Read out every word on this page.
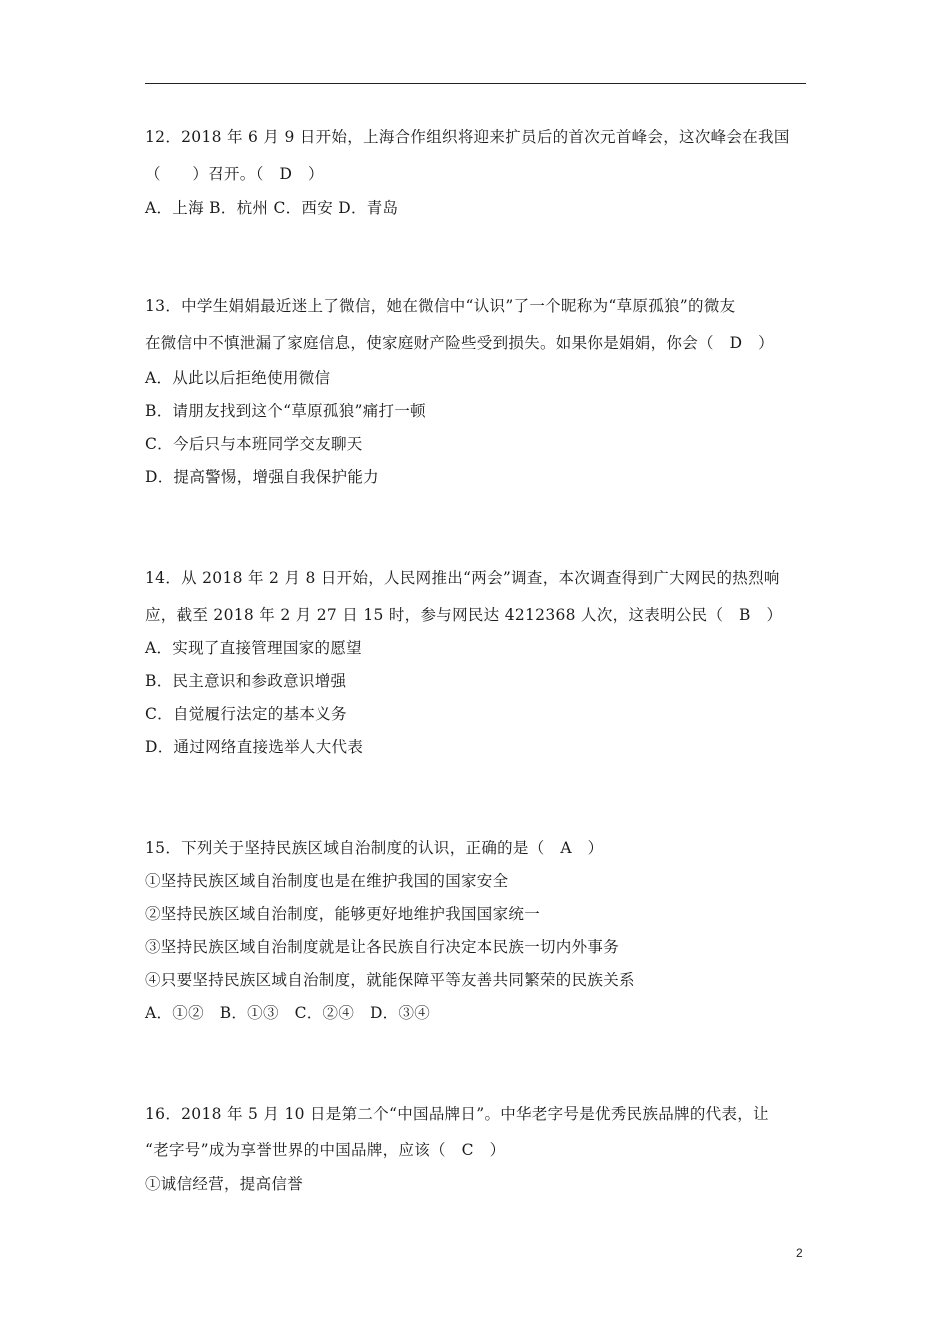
12．2018 年 6 月 9 日开始，上海合作组织将迎来扩员后的首次元首峰会，这次峰会在我国
（　　）召开。（　D　）
A．上海 B．杭州 C．西安 D．青岛
13．中学生娟娟最近迷上了微信，她在微信中“认识”了一个昵称为“草原孤狼”的微友
在微信中不慎泄漏了家庭信息，使家庭财产险些受到损失。如果你是娟娟，你会（　D　）
A．从此以后拒绝使用微信
B．请朋友找到这个“草原孤狼”痛打一顿
C．今后只与本班同学交友聊天
D．提高警惕，增强自我保护能力
14．从 2018 年 2 月 8 日开始，人民网推出“两会”调查，本次调查得到广大网民的热烈响
应，截至 2018 年 2 月 27 日 15 时，参与网民达 4212368 人次，这表明公民（　B　）
A．实现了直接管理国家的愿望
B．民主意识和参政意识增强
C．自觉履行法定的基本义务
D．通过网络直接选举人大代表
15．下列关于坚持民族区域自治制度的认识，正确的是（　A　）
①坚持民族区域自治制度也是在维护我国的国家安全
②坚持民族区域自治制度，能够更好地维护我国国家统一
③坚持民族区域自治制度就是让各民族自行决定本民族一切内外事务
④只要坚持民族区域自治制度，就能保障平等友善共同繁荣的民族关系
A．①②　B．①③　C．②④　D．③④
16．2018 年 5 月 10 日是第二个“中国品牌日”。中华老字号是优秀民族品牌的代表，让
“老字号”成为享誉世界的中国品牌，应该（　C　）
①诚信经营，提高信誉
2
